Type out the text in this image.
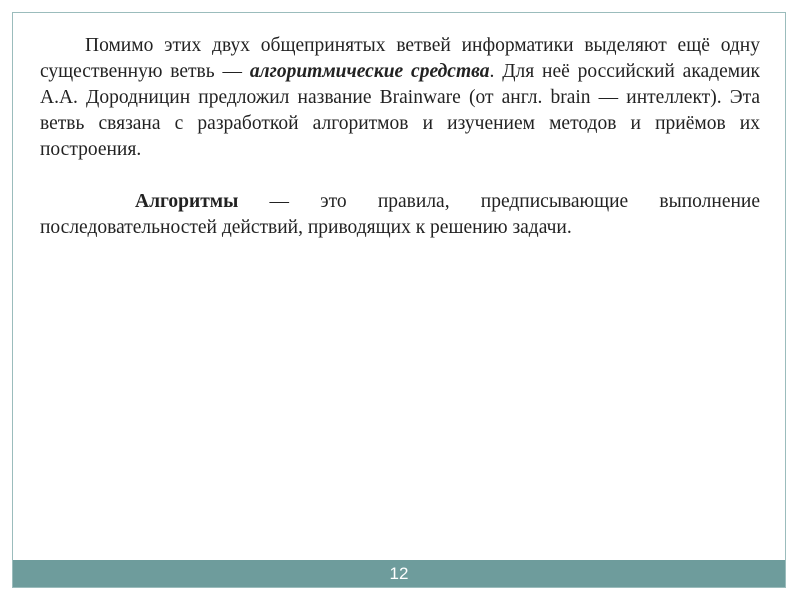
Помимо этих двух общепринятых ветвей информатики выделяют ещё одну существенную ветвь — алгоритмические средства. Для неё российский академик А.А. Дородницин предложил название Brainware (от англ. brain — интеллект). Эта ветвь связана с разработкой алгоритмов и изучением методов и приёмов их построения.

Алгоритмы — это правила, предписывающие выполнение последовательностей действий, приводящих к решению задачи.

12
